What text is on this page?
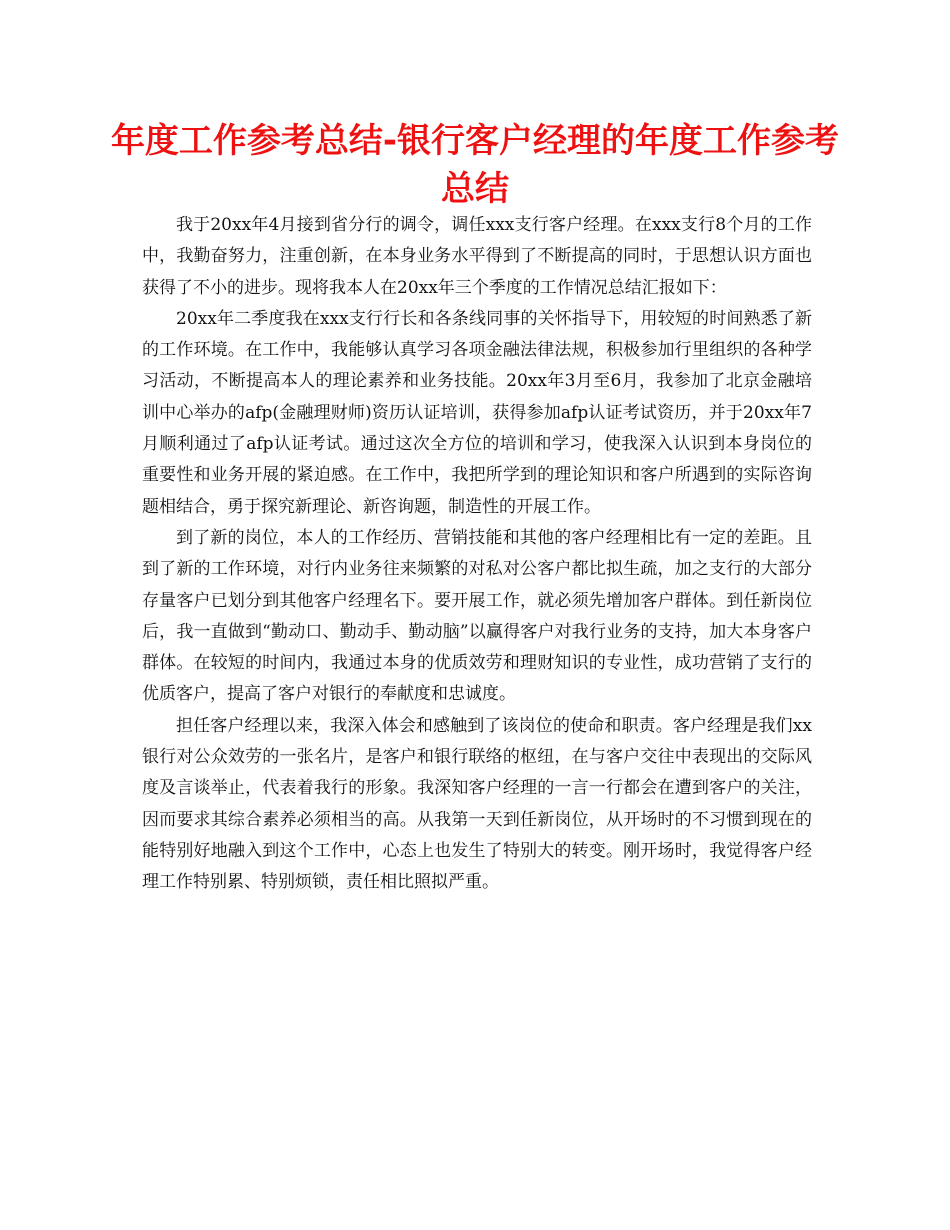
年度工作参考总结-银行客户经理的年度工作参考总结

我于20xx年4月接到省分行的调令，调任xxx支行客户经理。在xxx支行8个月的工作中，我勤奋努力，注重创新，在本身业务水平得到了不断提高的同时，于思想认识方面也获得了不小的进步。现将我本人在20xx年三个季度的工作情况总结汇报如下：

20xx年二季度我在xxx支行行长和各条线同事的关怀指导下，用较短的时间熟悉了新的工作环境。在工作中，我能够认真学习各项金融法律法规，积极参加行里组织的各种学习活动，不断提高本人的理论素养和业务技能。20xx年3月至6月，我参加了北京金融培训中心举办的afp(金融理财师)资历认证培训，获得参加afp认证考试资历，并于20xx年7月顺利通过了afp认证考试。通过这次全方位的培训和学习，使我深入认识到本身岗位的重要性和业务开展的紧迫感。在工作中，我把所学到的理论知识和客户所遇到的实际咨询题相结合，勇于探究新理论、新咨询题，制造性的开展工作。

到了新的岗位，本人的工作经历、营销技能和其他的客户经理相比有一定的差距。且到了新的工作环境，对行内业务往来频繁的对私对公客户都比拟生疏，加之支行的大部分存量客户已划分到其他客户经理名下。要开展工作，就必须先增加客户群体。到任新岗位后，我一直做到“勤动口、勤动手、勤动脑”以赢得客户对我行业务的支持，加大本身客户群体。在较短的时间内，我通过本身的优质效劳和理财知识的专业性，成功营销了支行的优质客户，提高了客户对银行的奉献度和忠诚度。

担任客户经理以来，我深入体会和感触到了该岗位的使命和职责。客户经理是我们xx银行对公众效劳的一张名片，是客户和银行联络的枢纽，在与客户交往中表现出的交际风度及言谈举止，代表着我行的形象。我深知客户经理的一言一行都会在遭到客户的关注，因而要求其综合素养必须相当的高。从我第一天到任新岗位，从开场时的不习惯到现在的能特别好地融入到这个工作中，心态上也发生了特别大的转变。刚开场时，我觉得客户经理工作特别累、特别烦锁，责任相比照拟严重。
